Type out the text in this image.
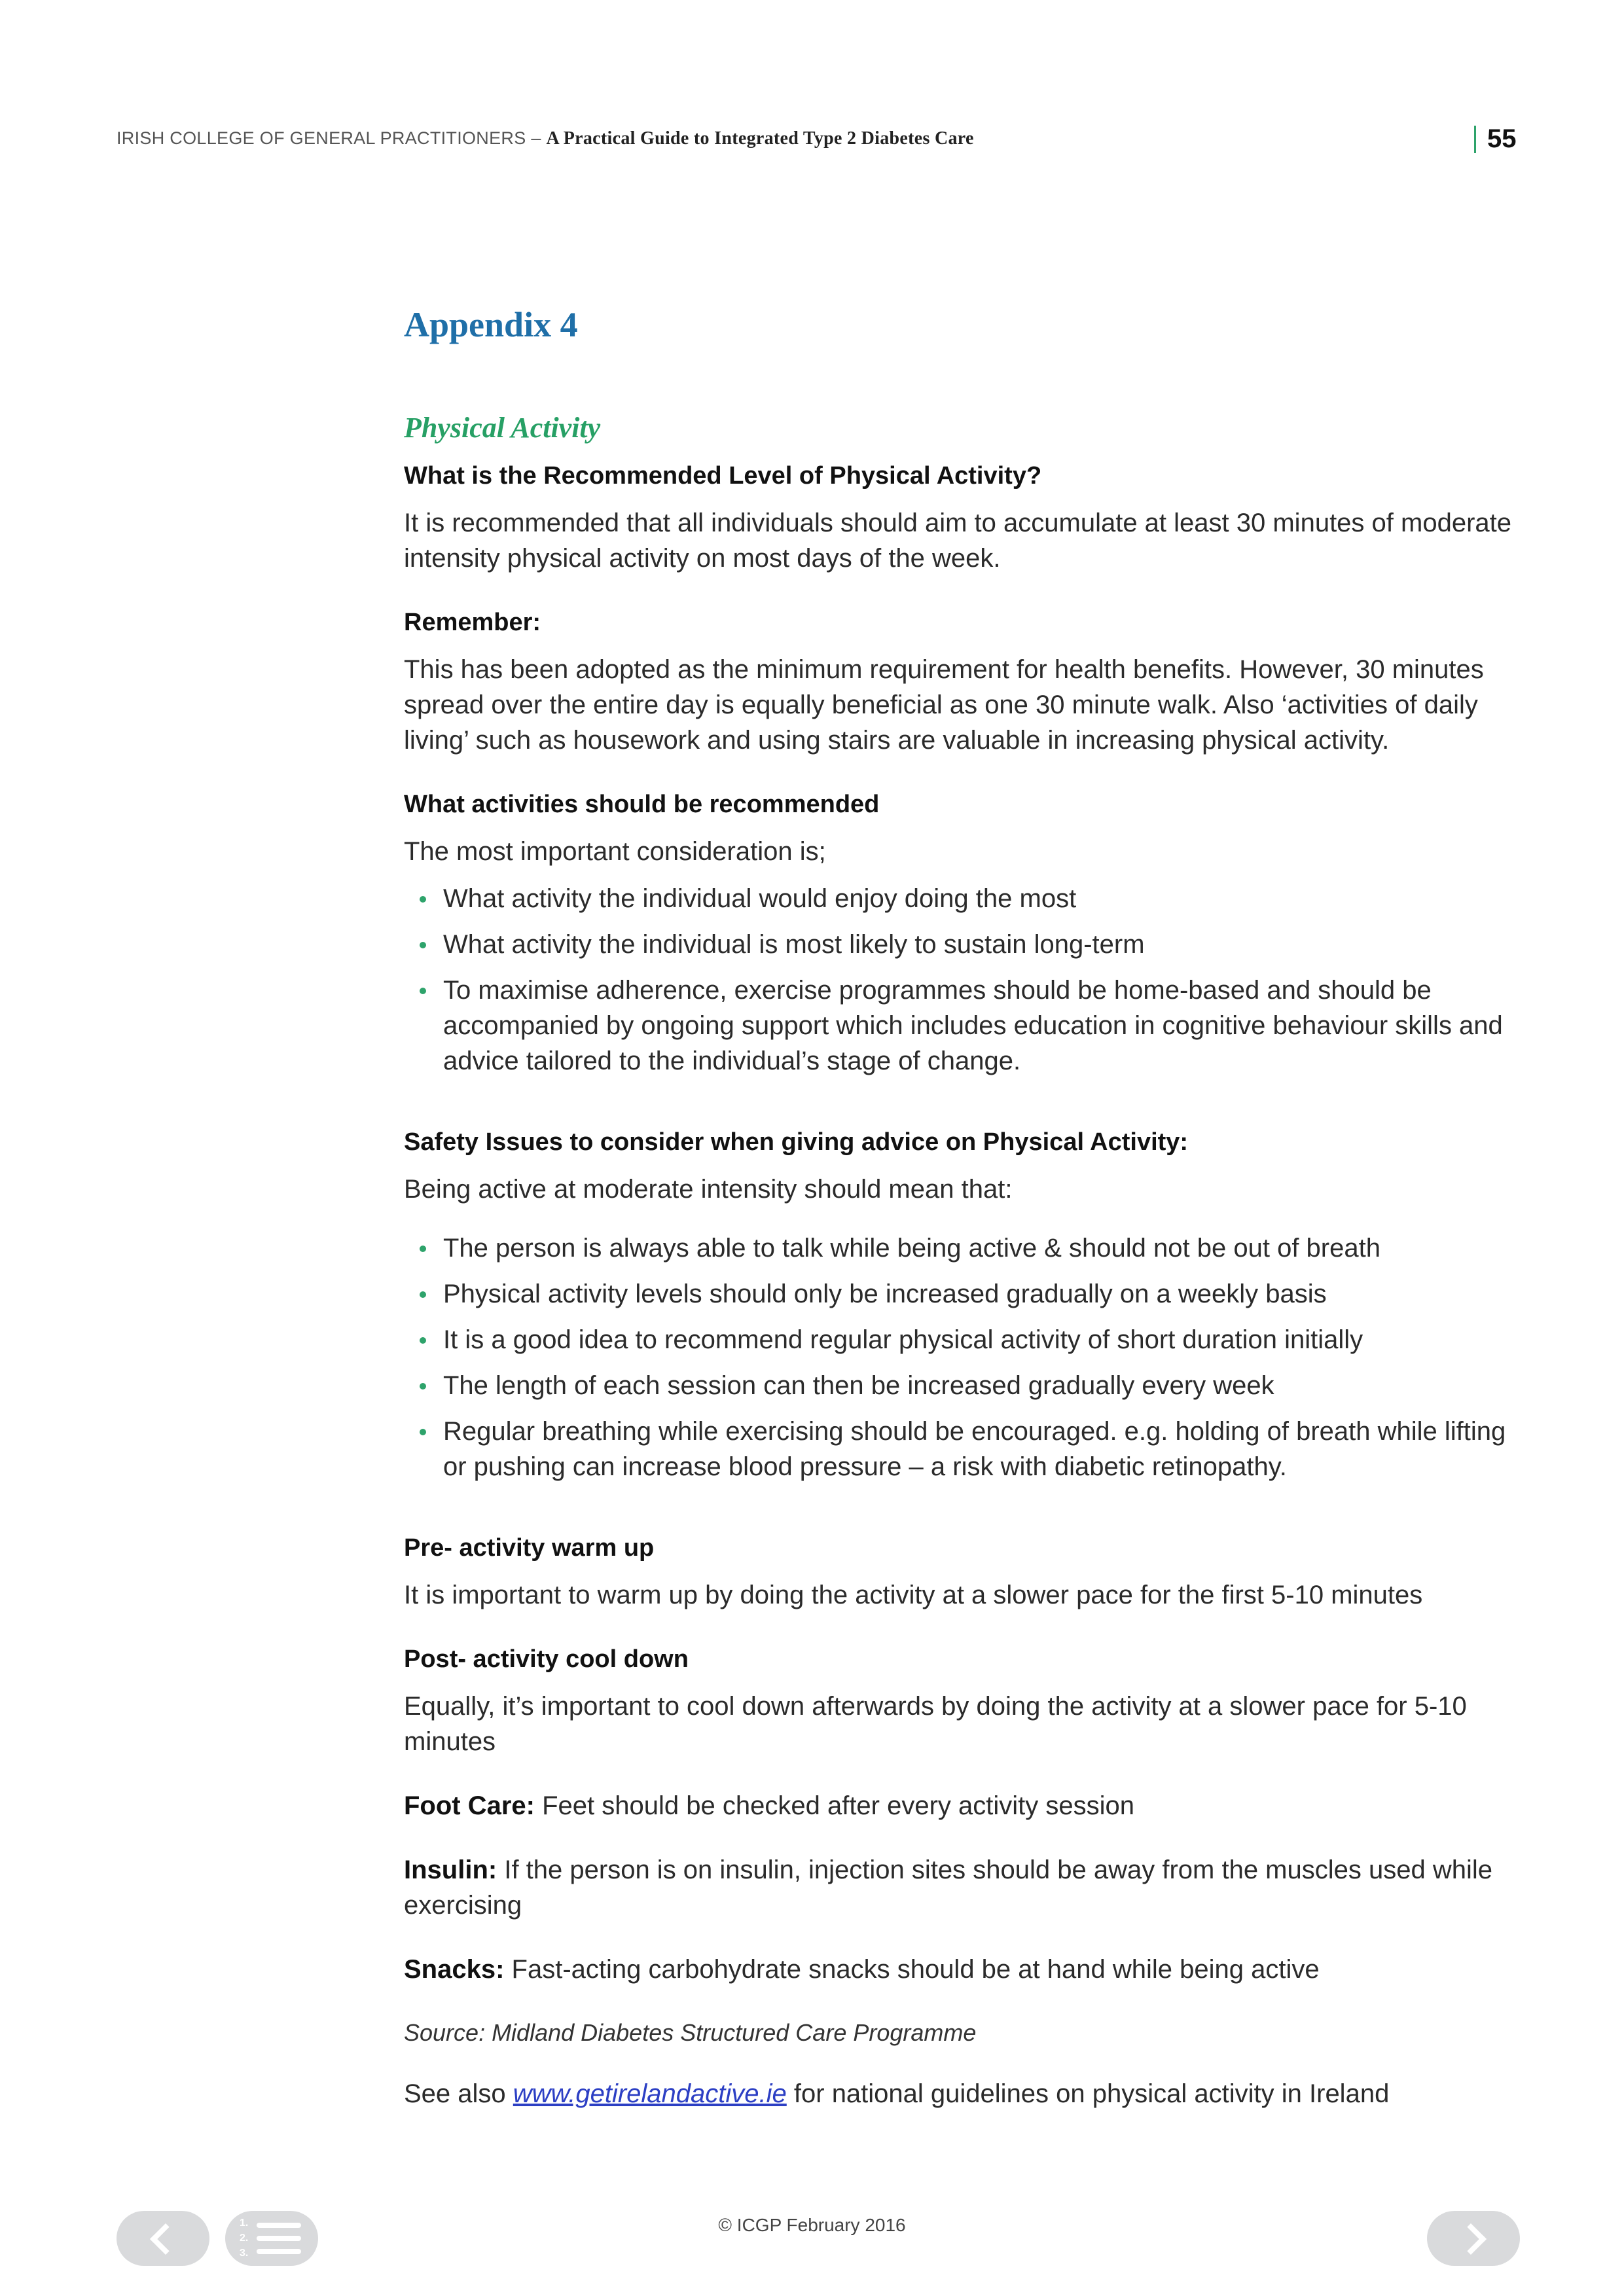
IRISH COLLEGE OF GENERAL PRACTITIONERS – A Practical Guide to Integrated Type 2 Diabetes Care	55
Appendix 4
Physical Activity
What is the Recommended Level of Physical Activity?

It is recommended that all individuals should aim to accumulate at least 30 minutes of moderate intensity physical activity on most days of the week.

Remember:

This has been adopted as the minimum requirement for health benefits. However, 30 minutes spread over the entire day is equally beneficial as one 30 minute walk. Also ‘activities of daily living’ such as housework and using stairs are valuable in increasing physical activity.

What activities should be recommended

The most important consideration is;

What activity the individual would enjoy doing the most
What activity the individual is most likely to sustain long-term
To maximise adherence, exercise programmes should be home-based and should be accompanied by ongoing support which includes education in cognitive behaviour skills and advice tailored to the individual’s stage of change.
Safety Issues to consider when giving advice on Physical Activity:

Being active at moderate intensity should mean that:

The person is always able to talk while being active & should not be out of breath
Physical activity levels should only be increased gradually on a weekly basis
It is a good idea to recommend regular physical activity of short duration initially
The length of each session can then be increased gradually every week
Regular breathing while exercising should be encouraged. e.g. holding of breath while lifting or pushing can increase blood pressure – a risk with diabetic retinopathy.
Pre- activity warm up

It is important to warm up by doing the activity at a slower pace for the first 5-10 minutes

Post- activity cool down

Equally, it’s important to cool down afterwards by doing the activity at a slower pace for 5-10 minutes

Foot Care: Feet should be checked after every activity session

Insulin: If the person is on insulin, injection sites should be away from the muscles used while exercising

Snacks: Fast-acting carbohydrate snacks should be at hand while being active

Source: Midland Diabetes Structured Care Programme

See also www.getirelandactive.ie for national guidelines on physical activity in Ireland

1.
2.
3.
© ICGP February 2016
